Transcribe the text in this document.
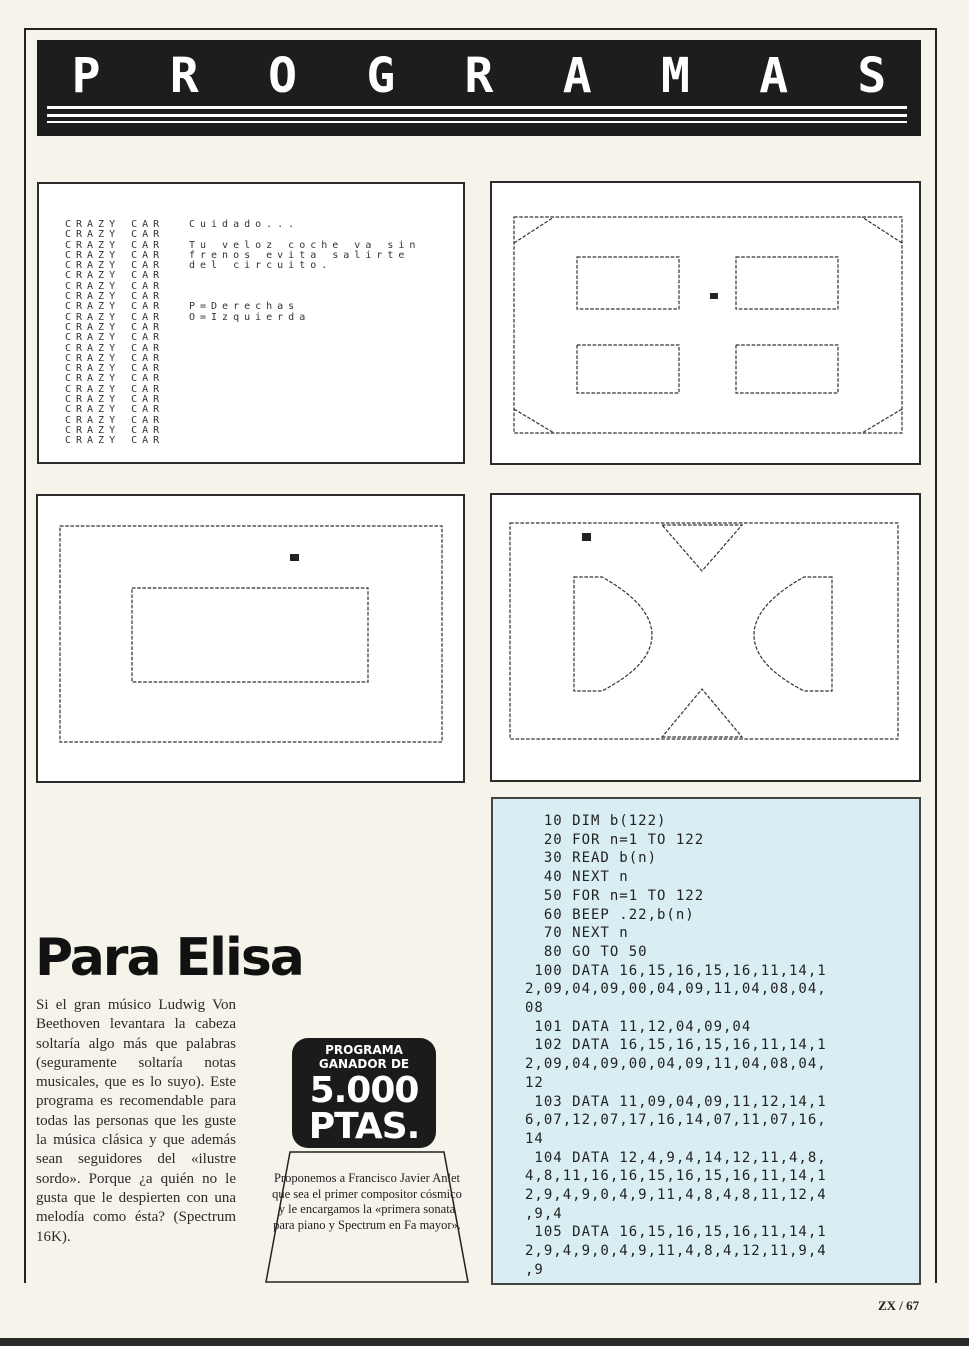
P R O G R A M A S
CRAZY CAR
CRAZY CAR
CRAZY CAR
CRAZY CAR
CRAZY CAR
CRAZY CAR
CRAZY CAR
CRAZY CAR
CRAZY CAR
CRAZY CAR
CRAZY CAR
CRAZY CAR
CRAZY CAR
CRAZY CAR
CRAZY CAR
CRAZY CAR
CRAZY CAR
CRAZY CAR
CRAZY CAR
CRAZY CAR
CRAZY CAR
CRAZY CAR
Cuidado...

Tu veloz coche va sin
frenos evita salirte
del circuito.

P=Derechas
O=Izquierda
10 DIM b(122)
20 FOR n=1 TO 122
30 READ b(n)
40 NEXT n
50 FOR n=1 TO 122
60 BEEP .22,b(n)
70 NEXT n
80 GO TO 50
100 DATA 16,15,16,15,16,11,14,1
2,09,04,09,00,04,09,11,04,08,04,
08
101 DATA 11,12,04,09,04
102 DATA 16,15,16,15,16,11,14,1
2,09,04,09,00,04,09,11,04,08,04,
12
103 DATA 11,09,04,09,11,12,14,1
6,07,12,07,17,16,14,07,11,07,16,
14
104 DATA 12,4,9,4,14,12,11,4,8,
4,8,11,16,16,15,16,15,16,11,14,1
2,9,4,9,0,4,9,11,4,8,4,8,11,12,4
,9,4
105 DATA 16,15,16,15,16,11,14,1
2,9,4,9,0,4,9,11,4,8,4,12,11,9,4
,9
Para Elisa
Si el gran músico Ludwig Von Beethoven levantara la cabeza soltaría algo más que palabras (seguramente soltaría notas musicales, que es lo suyo). Este programa es recomendable para todas las personas que les guste la música clásica y que además sean seguidores del «ilustre sordo». Porque ¿a quién no le gusta que le despierten con una melodía como ésta? (Spectrum 16K).
PROGRAMA
GANADOR DE
5.000
PTAS.
Proponemos a Francisco Javier Anlet que sea el primer compositor cósmico y le encargamos la «primera sonata para piano y Spectrum en Fa mayor».
ZX / 67
